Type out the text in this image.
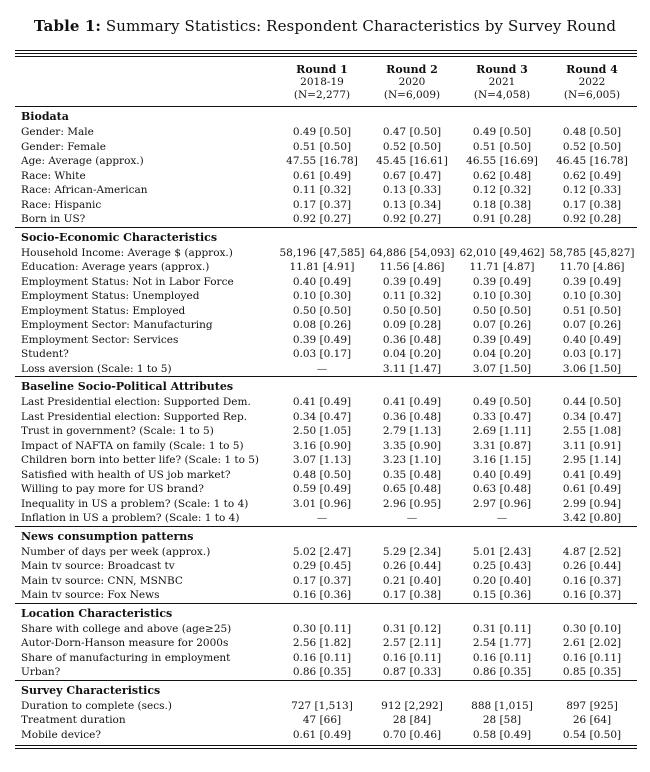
Table 1: Summary Statistics: Respondent Characteristics by Survey Round
	Round 1	Round 2	Round 3	Round 4
	2018-19	2020	2021	2022
	(N=2,277)	(N=6,009)	(N=4,058)	(N=6,005)

Biodata				
Gender: Male	0.49 [0.50]	0.47 [0.50]	0.49 [0.50]	0.48 [0.50]
Gender: Female	0.51 [0.50]	0.52 [0.50]	0.51 [0.50]	0.52 [0.50]
Age: Average (approx.)	47.55 [16.78]	45.45 [16.61]	46.55 [16.69]	46.45 [16.78]
Race: White	0.61 [0.49]	0.67 [0.47]	0.62 [0.48]	0.62 [0.49]
Race: African-American	0.11 [0.32]	0.13 [0.33]	0.12 [0.32]	0.12 [0.33]
Race: Hispanic	0.17 [0.37]	0.13 [0.34]	0.18 [0.38]	0.17 [0.38]
Born in US?	0.92 [0.27]	0.92 [0.27]	0.91 [0.28]	0.92 [0.28]

Socio-Economic Characteristics				
Household Income: Average $ (approx.)	58,196 [47,585]	64,886 [54,093]	62,010 [49,462]	58,785 [45,827]
Education: Average years (approx.)	11.81 [4.91]	11.56 [4.86]	11.71 [4.87]	11.70 [4.86]
Employment Status: Not in Labor Force	0.40 [0.49]	0.39 [0.49]	0.39 [0.49]	0.39 [0.49]
Employment Status: Unemployed	0.10 [0.30]	0.11 [0.32]	0.10 [0.30]	0.10 [0.30]
Employment Status: Employed	0.50 [0.50]	0.50 [0.50]	0.50 [0.50]	0.51 [0.50]
Employment Sector: Manufacturing	0.08 [0.26]	0.09 [0.28]	0.07 [0.26]	0.07 [0.26]
Employment Sector: Services	0.39 [0.49]	0.36 [0.48]	0.39 [0.49]	0.40 [0.49]
Student?	0.03 [0.17]	0.04 [0.20]	0.04 [0.20]	0.03 [0.17]
Loss aversion (Scale: 1 to 5)	—	3.11 [1.47]	3.07 [1.50]	3.06 [1.50]

Baseline Socio-Political Attributes				
Last Presidential election: Supported Dem.	0.41 [0.49]	0.41 [0.49]	0.49 [0.50]	0.44 [0.50]
Last Presidential election: Supported Rep.	0.34 [0.47]	0.36 [0.48]	0.33 [0.47]	0.34 [0.47]
Trust in government? (Scale: 1 to 5)	2.50 [1.05]	2.79 [1.13]	2.69 [1.11]	2.55 [1.08]
Impact of NAFTA on family (Scale: 1 to 5)	3.16 [0.90]	3.35 [0.90]	3.31 [0.87]	3.11 [0.91]
Children born into better life? (Scale: 1 to 5)	3.07 [1.13]	3.23 [1.10]	3.16 [1.15]	2.95 [1.14]
Satisfied with health of US job market?	0.48 [0.50]	0.35 [0.48]	0.40 [0.49]	0.41 [0.49]
Willing to pay more for US brand?	0.59 [0.49]	0.65 [0.48]	0.63 [0.48]	0.61 [0.49]
Inequality in US a problem? (Scale: 1 to 4)	3.01 [0.96]	2.96 [0.95]	2.97 [0.96]	2.99 [0.94]
Inflation in US a problem? (Scale: 1 to 4)	—	—	—	3.42 [0.80]

News consumption patterns				
Number of days per week (approx.)	5.02 [2.47]	5.29 [2.34]	5.01 [2.43]	4.87 [2.52]
Main tv source: Broadcast tv	0.29 [0.45]	0.26 [0.44]	0.25 [0.43]	0.26 [0.44]
Main tv source: CNN, MSNBC	0.17 [0.37]	0.21 [0.40]	0.20 [0.40]	0.16 [0.37]
Main tv source: Fox News	0.16 [0.36]	0.17 [0.38]	0.15 [0.36]	0.16 [0.37]

Location Characteristics				
Share with college and above (age≥25)	0.30 [0.11]	0.31 [0.12]	0.31 [0.11]	0.30 [0.10]
Autor-Dorn-Hanson measure for 2000s	2.56 [1.82]	2.57 [2.11]	2.54 [1.77]	2.61 [2.02]
Share of manufacturing in employment	0.16 [0.11]	0.16 [0.11]	0.16 [0.11]	0.16 [0.11]
Urban?	0.86 [0.35]	0.87 [0.33]	0.86 [0.35]	0.85 [0.35]

Survey Characteristics				
Duration to complete (secs.)	727 [1,513]	912 [2,292]	888 [1,015]	897 [925]
Treatment duration	47 [66]	28 [84]	28 [58]	26 [64]
Mobile device?	0.61 [0.49]	0.70 [0.46]	0.58 [0.49]	0.54 [0.50]
